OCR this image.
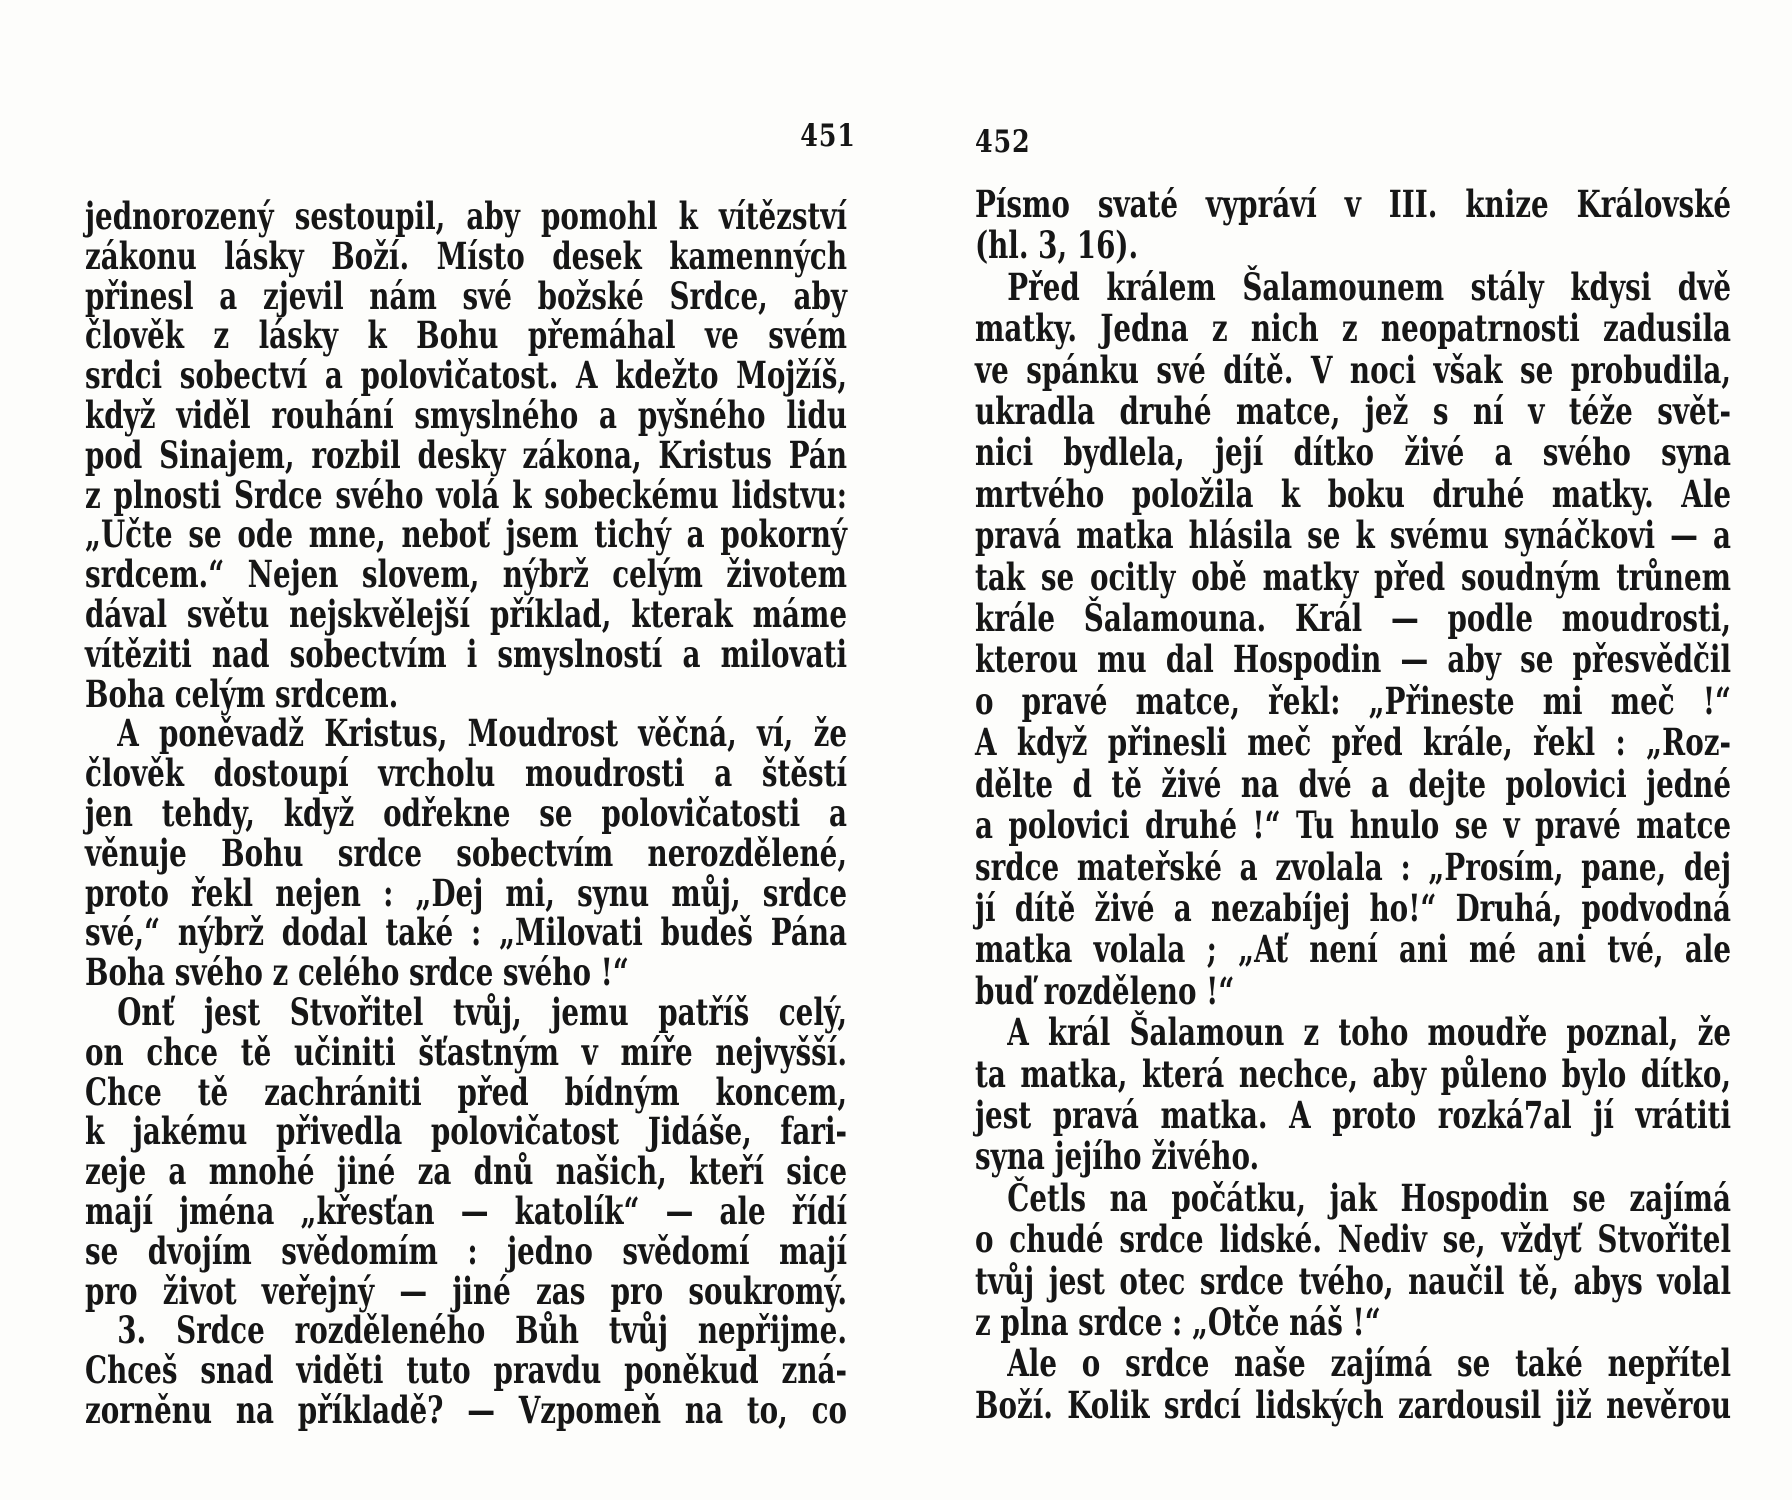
451	452
jednorozený sestoupil, aby pomohl k vítězství
zákonu lásky Boží. Místo desek kamenných
přinesl a zjevil nám své božské Srdce, aby
člověk z lásky k Bohu přemáhal ve svém
srdci sobectví a polovičatost. A kdežto Mojžíš,
když viděl rouhání smyslného a pyšného lidu
pod Sinajem, rozbil desky zákona, Kristus Pán
z plnosti Srdce svého volá k sobeckému lidstvu:
„Učte se ode mne, neboť jsem tichý a pokorný
srdcem.“ Nejen slovem, nýbrž celým životem
dával světu nejskvělejší příklad, kterak máme
vítěziti nad sobectvím i smyslností a milovati
Boha celým srdcem.
A poněvadž Kristus, Moudrost věčná, ví, že
člověk dostoupí vrcholu moudrosti a štěstí
jen tehdy, když odřekne se polovičatosti a
věnuje Bohu srdce sobectvím nerozdělené,
proto řekl nejen : „Dej mi, synu můj, srdce
své,“ nýbrž dodal také : „Milovati budeš Pána
Boha svého z celého srdce svého !“
Onť jest Stvořitel tvůj, jemu patříš celý,
on chce tě učiniti šťastným v míře nejvyšší.
Chce tě zachrániti před bídným koncem,
k jakému přivedla polovičatost Jidáše, fari-
zeje a mnohé jiné za dnů našich, kteří sice
mají jména „křesťan — katolík“ — ale řídí
se dvojím svědomím : jedno svědomí mají
pro život veřejný — jiné zas pro soukromý.
3. Srdce rozděleného Bůh tvůj nepřijme.
Chceš snad viděti tuto pravdu poněkud zná-
zorněnu na příkladě? — Vzpomeň na to, co
Písmo svaté vypráví v III. knize Královské
(hl. 3, 16).
Před králem Šalamounem stály kdysi dvě
matky. Jedna z nich z neopatrnosti zadusila
ve spánku své dítě. V noci však se probudila,
ukradla druhé matce, jež s ní v téže svět-
nici bydlela, její dítko živé a svého syna
mrtvého položila k boku druhé matky. Ale
pravá matka hlásila se k svému synáčkovi — a
tak se ocitly obě matky před soudným trůnem
krále Šalamouna. Král — podle moudrosti,
kterou mu dal Hospodin — aby se přesvědčil
o pravé matce, řekl: „Přineste mi meč !“
A když přinesli meč před krále, řekl : „Roz-
dělte d tě živé na dvé a dejte polovici jedné
a polovici druhé !“ Tu hnulo se v pravé matce
srdce mateřské a zvolala : „Prosím, pane, dej
jí dítě živé a nezabíjej ho!“ Druhá, podvodná
matka volala ; „Ať není ani mé ani tvé, ale
buď rozděleno !“
A král Šalamoun z toho moudře poznal, že
ta matka, která nechce, aby půleno bylo dítko,
jest pravá matka. A proto rozká7al jí vrátiti
syna jejího živého.
Četls na počátku, jak Hospodin se zajímá
o chudé srdce lidské. Nediv se, vždyť Stvořitel
tvůj jest otec srdce tvého, naučil tě, abys volal
z plna srdce : „Otče náš !“
Ale o srdce naše zajímá se také nepřítel
Boží. Kolik srdcí lidských zardousil již nevěrou
